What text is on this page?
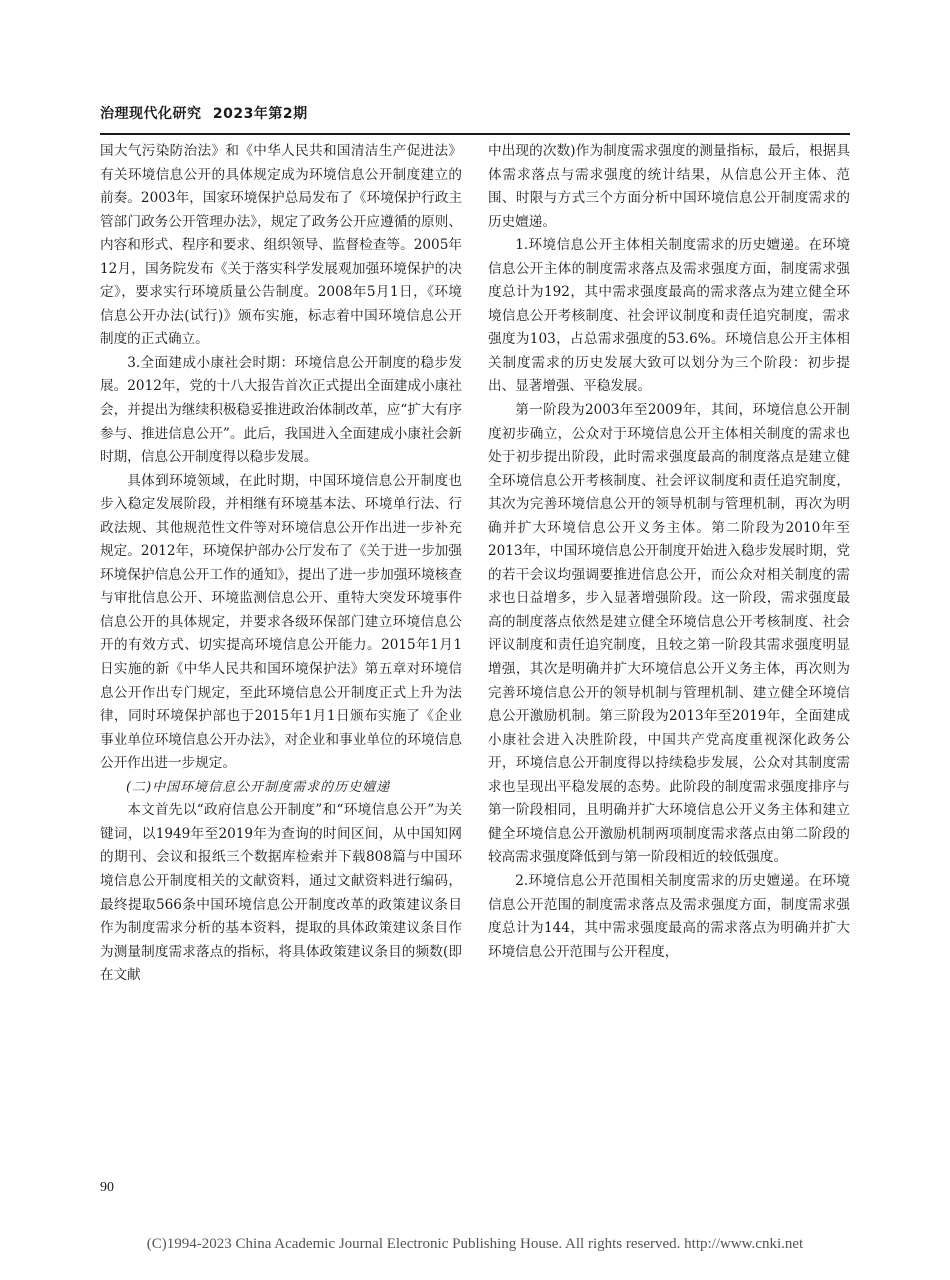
治理现代化研究 2023年第2期

国大气污染防治法》和《中华人民共和国清洁生产促进法》有关环境信息公开的具体规定成为环境信息公开制度建立的前奏。2003年，国家环境保护总局发布了《环境保护行政主管部门政务公开管理办法》，规定了政务公开应遵循的原则、内容和形式、程序和要求、组织领导、监督检查等。2005年12月，国务院发布《关于落实科学发展观加强环境保护的决定》，要求实行环境质量公告制度。2008年5月1日，《环境信息公开办法(试行)》颁布实施，标志着中国环境信息公开制度的正式确立。

3.全面建成小康社会时期：环境信息公开制度的稳步发展。2012年，党的十八大报告首次正式提出全面建成小康社会，并提出为继续积极稳妥推进政治体制改革，应“扩大有序参与、推进信息公开”。此后，我国进入全面建成小康社会新时期，信息公开制度得以稳步发展。

具体到环境领域，在此时期，中国环境信息公开制度也步入稳定发展阶段，并相继有环境基本法、环境单行法、行政法规、其他规范性文件等对环境信息公开作出进一步补充规定。2012年，环境保护部办公厅发布了《关于进一步加强环境保护信息公开工作的通知》，提出了进一步加强环境核查与审批信息公开、环境监测信息公开、重特大突发环境事件信息公开的具体规定，并要求各级环保部门建立环境信息公开的有效方式、切实提高环境信息公开能力。2015年1月1日实施的新《中华人民共和国环境保护法》第五章对环境信息公开作出专门规定，至此环境信息公开制度正式上升为法律，同时环境保护部也于2015年1月1日颁布实施了《企业事业单位环境信息公开办法》，对企业和事业单位的环境信息公开作出进一步规定。

(二)中国环境信息公开制度需求的历史嬗递

本文首先以“政府信息公开制度”和“环境信息公开”为关键词，以1949年至2019年为查询的时间区间，从中国知网的期刊、会议和报纸三个数据库检索并下载808篇与中国环境信息公开制度相关的文献资料，通过文献资料进行编码，最终提取566条中国环境信息公开制度改革的政策建议条目作为制度需求分析的基本资料，提取的具体政策建议条目作为测量制度需求落点的指标，将具体政策建议条目的频数(即在文献

中出现的次数)作为制度需求强度的测量指标，最后，根据具体需求落点与需求强度的统计结果，从信息公开主体、范围、时限与方式三个方面分析中国环境信息公开制度需求的历史嬗递。

1.环境信息公开主体相关制度需求的历史嬗递。在环境信息公开主体的制度需求落点及需求强度方面，制度需求强度总计为192，其中需求强度最高的需求落点为建立健全环境信息公开考核制度、社会评议制度和责任追究制度，需求强度为103，占总需求强度的53.6%。环境信息公开主体相关制度需求的历史发展大致可以划分为三个阶段：初步提出、显著增强、平稳发展。

第一阶段为2003年至2009年，其间，环境信息公开制度初步确立，公众对于环境信息公开主体相关制度的需求也处于初步提出阶段，此时需求强度最高的制度落点是建立健全环境信息公开考核制度、社会评议制度和责任追究制度，其次为完善环境信息公开的领导机制与管理机制，再次为明确并扩大环境信息公开义务主体。第二阶段为2010年至2013年，中国环境信息公开制度开始进入稳步发展时期，党的若干会议均强调要推进信息公开，而公众对相关制度的需求也日益增多，步入显著增强阶段。这一阶段，需求强度最高的制度落点依然是建立健全环境信息公开考核制度、社会评议制度和责任追究制度，且较之第一阶段其需求强度明显增强，其次是明确并扩大环境信息公开义务主体，再次则为完善环境信息公开的领导机制与管理机制、建立健全环境信息公开激励机制。第三阶段为2013年至2019年，全面建成小康社会进入决胜阶段，中国共产党高度重视深化政务公开，环境信息公开制度得以持续稳步发展，公众对其制度需求也呈现出平稳发展的态势。此阶段的制度需求强度排序与第一阶段相同，且明确并扩大环境信息公开义务主体和建立健全环境信息公开激励机制两项制度需求落点由第二阶段的较高需求强度降低到与第一阶段相近的较低强度。

2.环境信息公开范围相关制度需求的历史嬗递。在环境信息公开范围的制度需求落点及需求强度方面，制度需求强度总计为144，其中需求强度最高的需求落点为明确并扩大环境信息公开范围与公开程度，

90
(C)1994-2023 China Academic Journal Electronic Publishing House. All rights reserved. http://www.cnki.net
